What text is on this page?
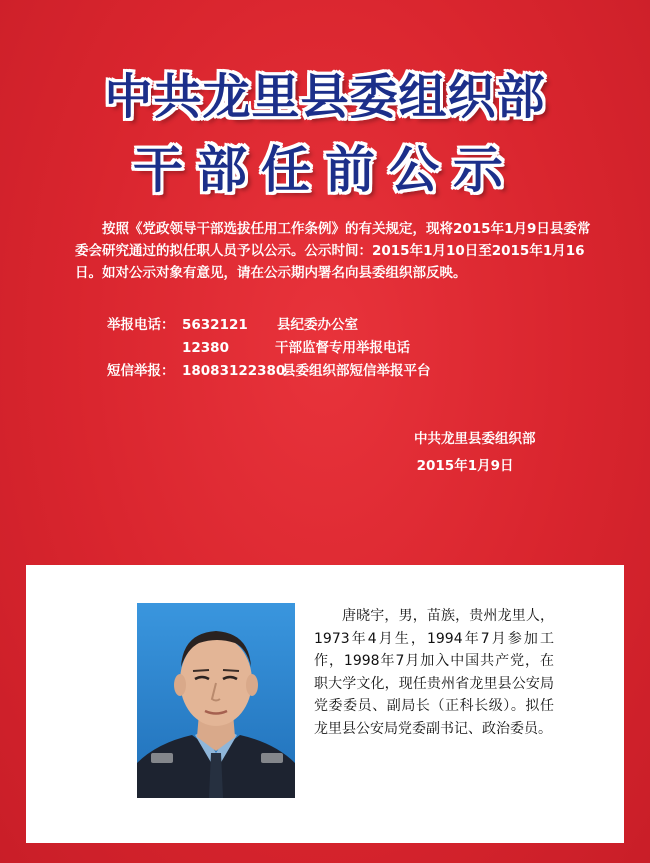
中共龙里县委组织部
干部任前公示

按照《党政领导干部选拔任用工作条例》的有关规定，现将2015年1月9日县委常委会研究通过的拟任职人员予以公示。公示时间：2015年1月10日至2015年1月16日。如对公示对象有意见，请在公示期内署名向县委组织部反映。

举报电话： 5632121	县纪委办公室
12380	干部监督专用举报电话
短信举报： 18083122380
县委组织部短信举报平台
中共龙里县委组织部
2015年1月9日

唐晓宇，男，苗族，贵州龙里人，1973年4月生，1994年7月参加工作，1998年7月加入中国共产党，在职大学文化，现任贵州省龙里县公安局党委委员、副局长（正科长级）。拟任龙里县公安局党委副书记、政治委员。
